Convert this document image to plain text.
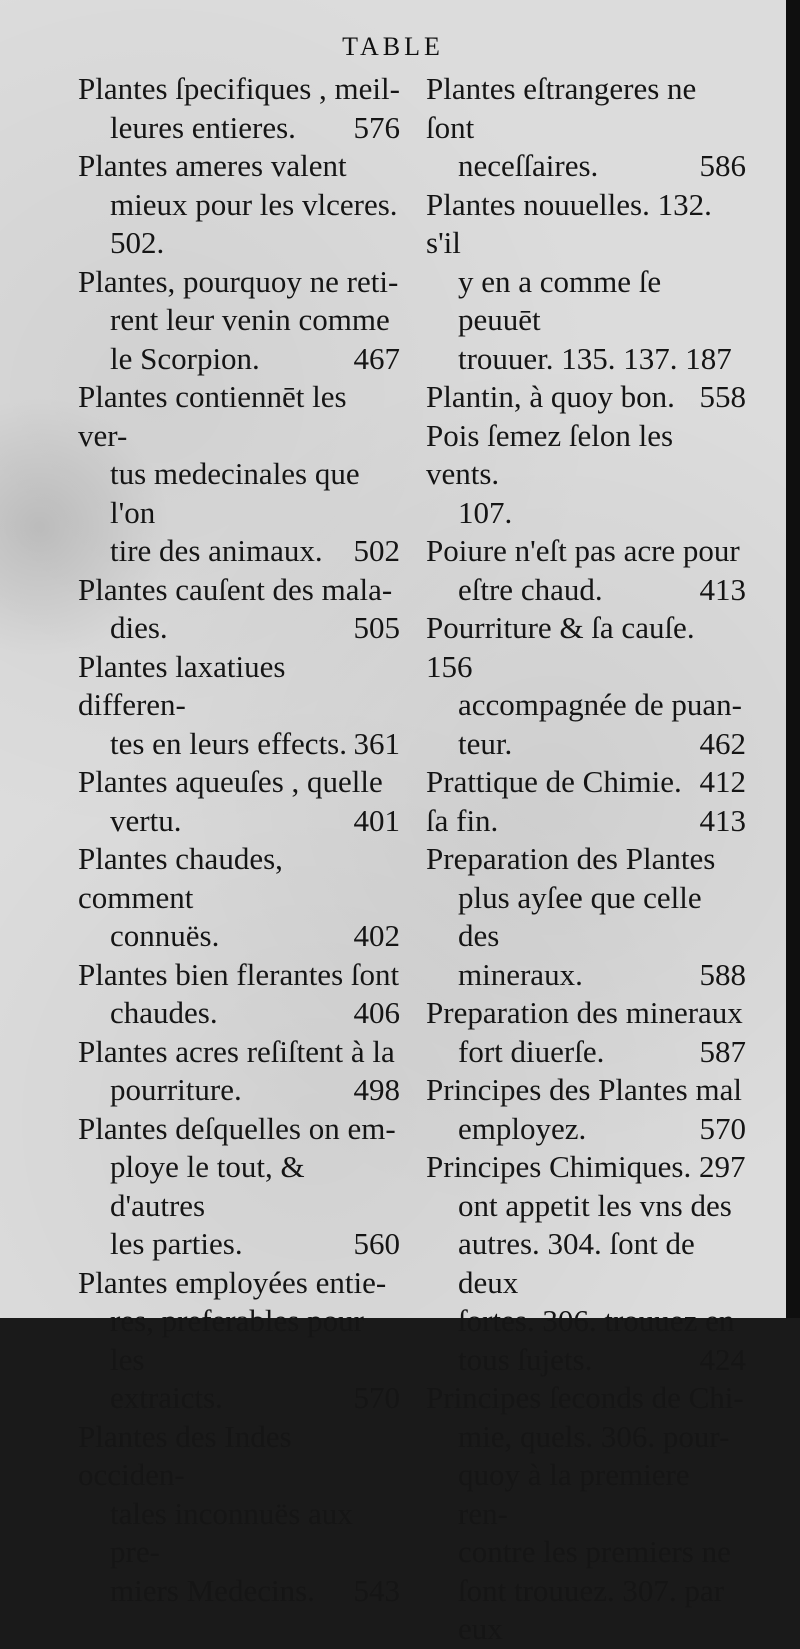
TABLE
Plantes ſpecifiques , meil-
leures entieres. 576
Plantes ameres valent
mieux pour les vlceres.
502.
Plantes, pourquoy ne reti-
rent leur venin comme
le Scorpion.	467
Plantes contiennēt les ver-
tus medecinales que l'on
tire des animaux. 502
Plantes cauſent des mala-
dies.	505
Plantes laxatiues differen-
tes en leurs effects. 361
Plantes aqueuſes , quelle
vertu.	401
Plantes chaudes, comment
connuës.	402
Plantes bien flerantes ſont
chaudes.	406
Plantes acres reſiſtent à la
pourriture.	498
Plantes deſquelles on em-
ploye le tout, & d'autres
les parties.	560
Plantes employées entie-
res, preferables pour les
extraicts.	570
Plantes des Indes occiden-
tales inconnuës aux pre-
miers Medecins. 543
Plantes eſtrangeres ne ſont
neceſſaires.	586
Plantes nouuelles. 132. s'il
y en a comme ſe peuuēt
trouuer. 135. 137. 187
Plantin, à quoy bon. 558
Pois ſemez ſelon les vents.
107.
Poiure n'eſt pas acre pour
eſtre chaud.	413
Pourriture & ſa cauſe. 156
accompagnée de puan-
teur.	462
Prattique de Chimie. 412
ſa fin.	413
Preparation des Plantes
plus ayſee que celle des
mineraux.	588
Preparation des mineraux
fort diuerſe.	587
Principes des Plantes mal
employez.	570
Principes Chimiques. 297
ont appetit les vns des
autres. 304. ſont de deux
ſortes. 306. trouuez en
tous ſujets.	424
Principes ſeconds de Chi-
mie, quels. 306. pour-
quoy à la premiere ren-
contre les premiers ne
ſont trouuez. 307. par
eux
